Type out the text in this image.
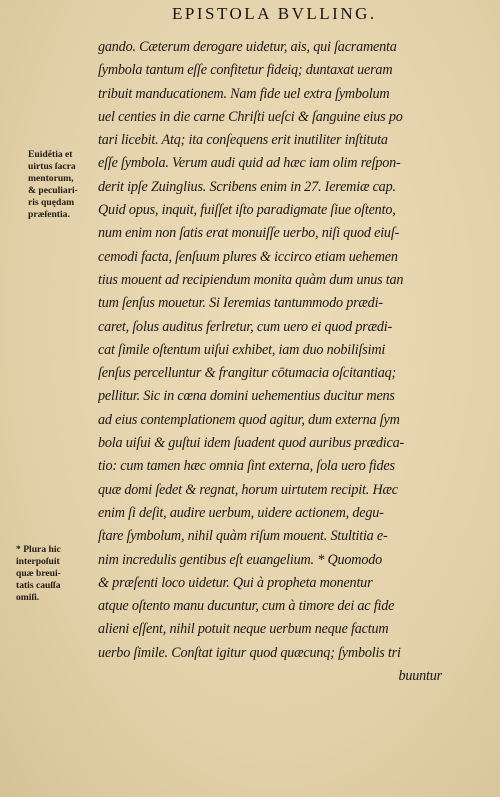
EPISTOLA BVLLING.
gando. Cæterum derogare uidetur, ais, qui ſacramenta
ſymbola tantum eſſe confitetur fideiq; duntaxat ueram
tribuit manducationem. Nam fide uel extra ſymbolum
uel centies in die carne Chriſti ueſci & ſanguine eius po
tari licebit. Atq; ita conſequens erit inutiliter inſtituta
eſſe ſymbola. Verum audi quid ad hæc iam olim reſpon-
derit ipſe Zuinglius. Scribens enim in 27. Ieremiæ cap.
Quid opus, inquit, fuiſſet iſto paradigmate ſiue oſtento,
num enim non ſatis erat monuiſſe uerbo, niſi quod eiuſ-
cemodi facta, ſenſuum plures & iccirco etiam uehemen
tius mouent ad recipiendum monita quàm dum unus tan
tum ſenſus mouetur. Si Ieremias tantummodo prædi-
caret, ſolus auditus ferlretur, cum uero ei quod prædi-
cat ſimile oſtentum uiſui exhibet, iam duo nobiliſsimi
ſenſus percelluntur & frangitur cōtumacia oſcitantiaq;
pellitur. Sic in cœna domini uehementius ducitur mens
ad eius contemplationem quod agitur, dum externa ſym
bola uiſui & guſtui idem ſuadent quod auribus prædica-
tio: cum tamen hæc omnia ſint externa, ſola uero fides
quæ domi ſedet & regnat, horum uirtutem recipit. Hæc
enim ſi deſit, audire uerbum, uidere actionem, degu-
ſtare ſymbolum, nihil quàm riſum mouent. Stultitia e-
nim incredulis gentibus eſt euangelium. * Quomodo
& præſenti loco uidetur. Qui à propheta monentur
atque oſtento manu ducuntur, cum à timore dei ac fide
alieni eſſent, nihil potuit neque uerbum neque factum
uerbo ſimile. Conſtat igitur quod quæcunq; ſymbolis tri
buuntur
Euidẽtia et
uirtus ſacra
mentorum,
& peculiari-
ris quędam
præſentia.
* Plura hic
interpoſuit
quæ breui-
tatis cauſſa
omiſi.
